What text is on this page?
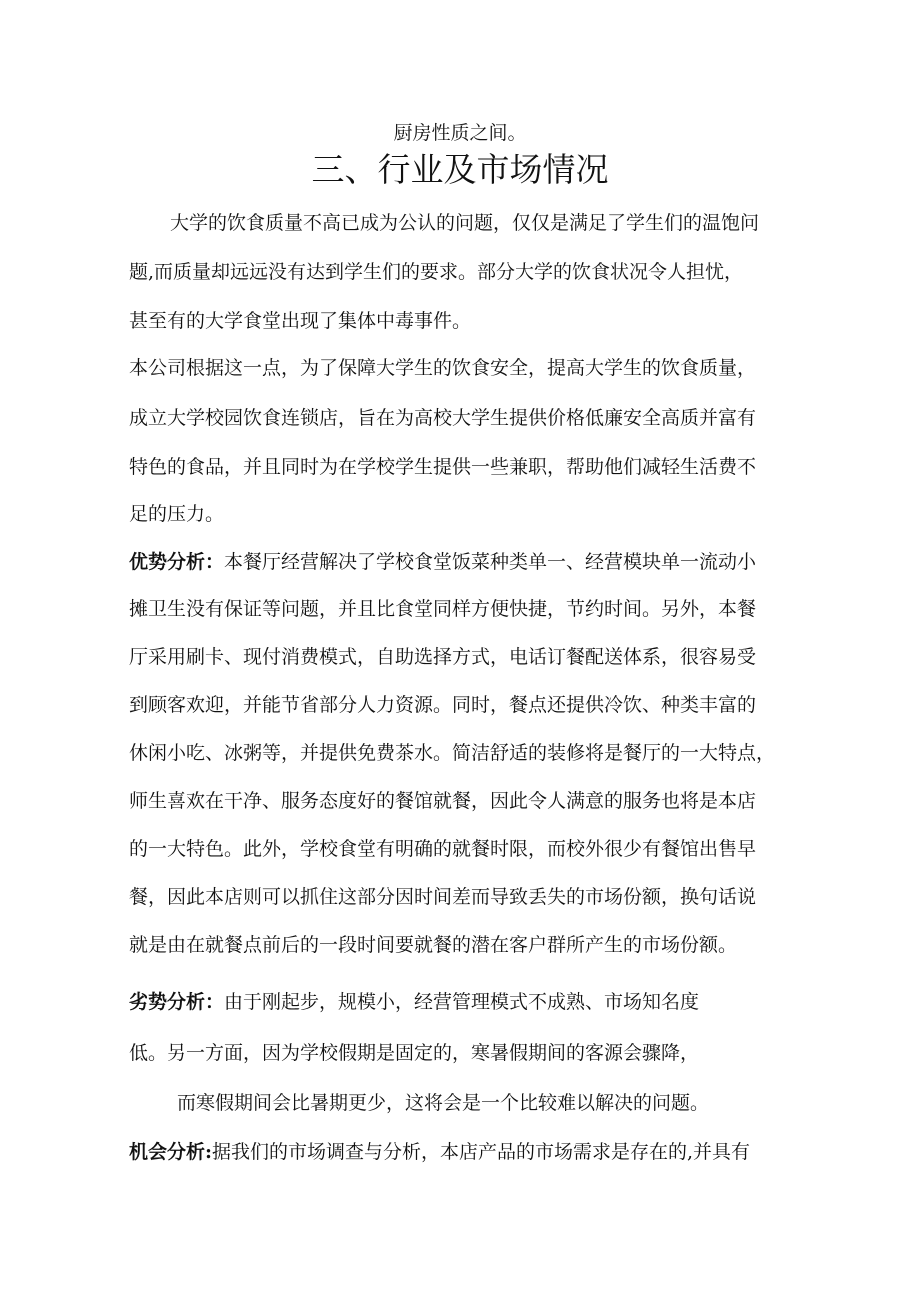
厨房性质之间。
三、行业及市场情况
大学的饮食质量不高已成为公认的问题，仅仅是满足了学生们的温饱问
题,而质量却远远没有达到学生们的要求。部分大学的饮食状况令人担忧，
甚至有的大学食堂出现了集体中毒事件。
本公司根据这一点，为了保障大学生的饮食安全，提高大学生的饮食质量，
成立大学校园饮食连锁店，旨在为高校大学生提供价格低廉安全高质并富有
特色的食品，并且同时为在学校学生提供一些兼职，帮助他们减轻生活费不
足的压力。
优势分析：本餐厅经营解决了学校食堂饭菜种类单一、经营模块单一流动小
摊卫生没有保证等问题，并且比食堂同样方便快捷，节约时间。另外，本餐
厅采用刷卡、现付消费模式，自助选择方式，电话订餐配送体系，很容易受
到顾客欢迎，并能节省部分人力资源。同时，餐点还提供冷饮、种类丰富的
休闲小吃、冰粥等，并提供免费茶水。简洁舒适的装修将是餐厅的一大特点，
师生喜欢在干净、服务态度好的餐馆就餐，因此令人满意的服务也将是本店
的一大特色。此外，学校食堂有明确的就餐时限，而校外很少有餐馆出售早
餐，因此本店则可以抓住这部分因时间差而导致丢失的市场份额，换句话说
就是由在就餐点前后的一段时间要就餐的潜在客户群所产生的市场份额。
劣势分析：由于刚起步，规模小，经营管理模式不成熟、市场知名度
低。另一方面，因为学校假期是固定的，寒暑假期间的客源会骤降，
而寒假期间会比暑期更少，这将会是一个比较难以解决的问题。
机会分析:据我们的市场调查与分析，本店产品的市场需求是存在的,并具有
